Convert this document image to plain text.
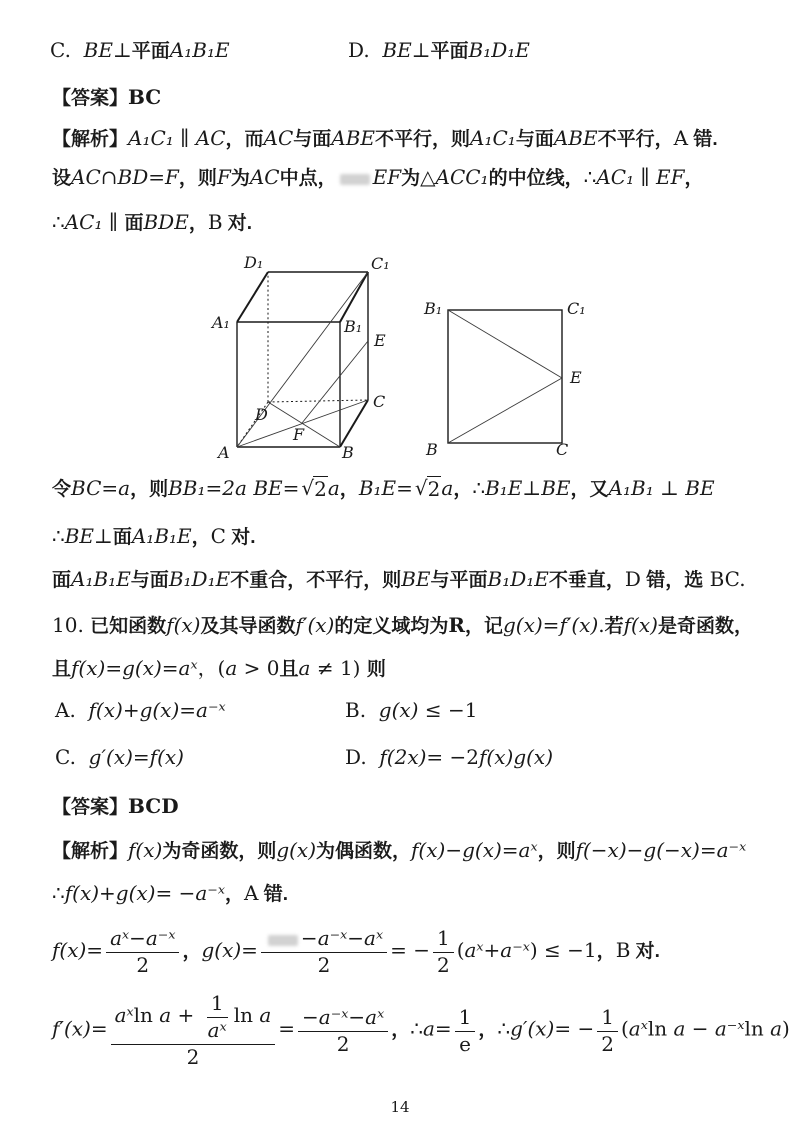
C.  BE⊥平面A₁B₁E	D.  BE⊥平面B₁D₁E
【答案】BC
【解析】A₁C₁ ∥ AC，而AC与面ABE不平行，则A₁C₁与面ABE不平行，A 错.
设AC∩BD=F，则F为AC中点， EF为△ACC₁的中位线，∴AC₁ ∥ EF，
∴AC₁ ∥ 面BDE，B 对.
D₁	C₁
A₁	B₁
E
D
C
F
A	B
B₁	C₁
E
B	C
令BC=a，则BB₁=2a BE= √ 2 a，B₁E= √ 2 a，∴B₁E⊥BE，又A₁B₁ ⊥ BE
∴BE⊥面A₁B₁E，C 对.
面A₁B₁E与面B₁D₁E不重合，不平行，则BE与平面B₁D₁E不垂直，D 错，选 BC.
10. 已知函数f(x)及其导函数f′(x)的定义域均为R，记g(x)=f′(x).若f(x)是奇函数，
且f(x)=g(x)=aˣ，(a > 0且a ≠ 1) 则
A.  f(x)+g(x)=a⁻ˣ	B.  g(x) ≤ −1
C.  g′(x)=f(x)	D.  f(2x)= −2f(x)g(x)
【答案】BCD
【解析】f(x)为奇函数，则g(x)为偶函数，f(x)−g(x)=aˣ，则f(−x)−g(−x)=a⁻ˣ
∴f(x)+g(x)= −a⁻ˣ，A 错.
$f(x)= \frac{\text{aˣ−a⁻ˣ}}{2}$ ，$g(x)= \frac{\text{−a⁻ˣ−aˣ}}{2}$ = − $\frac{1}{2}$ (aˣ+a⁻ˣ) ≤ −1，B 对.
$f'(x)= \frac{aˣ\ln a + \frac{1}{\text{aˣ}} \ln a}{2} = \frac{\text{−a⁻ˣ−aˣ}}{2}$ ，∴a= $\frac{1}{e}$ ，∴g′(x)= − $\frac{1}{2}$ (aˣln a − a⁻ˣln a)
14
